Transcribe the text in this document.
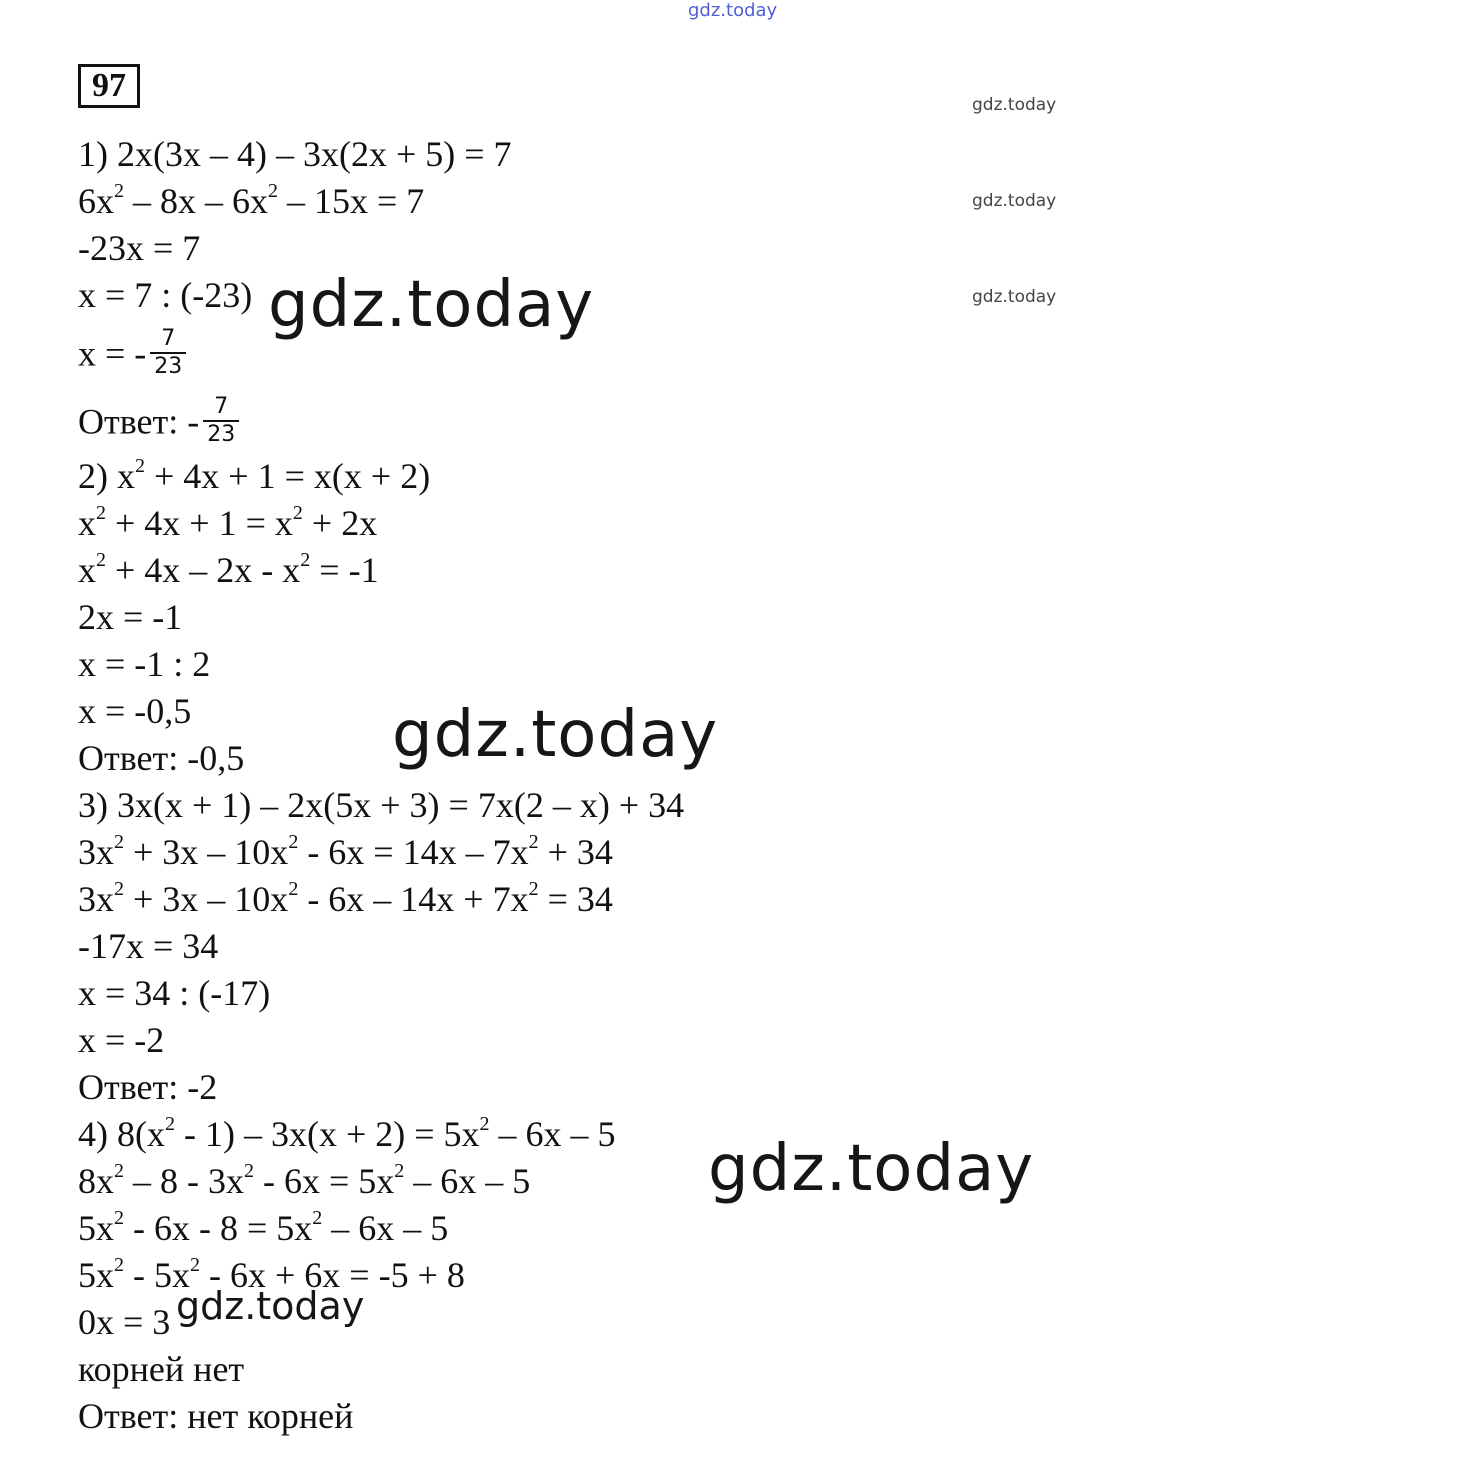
gdz.today
gdz.today
gdz.today
gdz.today
97
1) 2x(3x – 4) – 3x(2x + 5) = 7
$6x^2 - 8x - 6x^2 - 15x = 7$
-23x = 7
x = 7 : (-23)
x = - $\frac{7}{23}$
Ответ: - $\frac{7}{23}$
2) $x^2 + 4x + 1 = x(x + 2)$
$x^2 + 4x + 1 = x^2 + 2x$
$x^2 + 4x - 2x - x^2 = -1$
2x = -1
x = -1 : 2
x = -0,5
Ответ: -0,5
3) 3x(x + 1) – 2x(5x + 3) = 7x(2 – x) + 34
$3x^2 + 3x - 10x^2 - 6x = 14x - 7x^2 + 34$
$3x^2 + 3x - 10x^2 - 6x - 14x + 7x^2 = 34$
-17x = 34
x = 34 : (-17)
x = -2
Ответ: -2
4) $8(x^2 - 1) - 3x(x + 2) = 5x^2 - 6x - 5$
$8x^2 - 8 - 3x^2 - 6x = 5x^2 - 6x - 5$
$5x^2 - 6x - 8 = 5x^2 - 6x - 5$
$5x^2 - 5x^2 - 6x + 6x = -5 + 8$
0x = 3
корней нет
Ответ: нет корней
gdz.today
gdz.today
gdz.today
gdz.today
